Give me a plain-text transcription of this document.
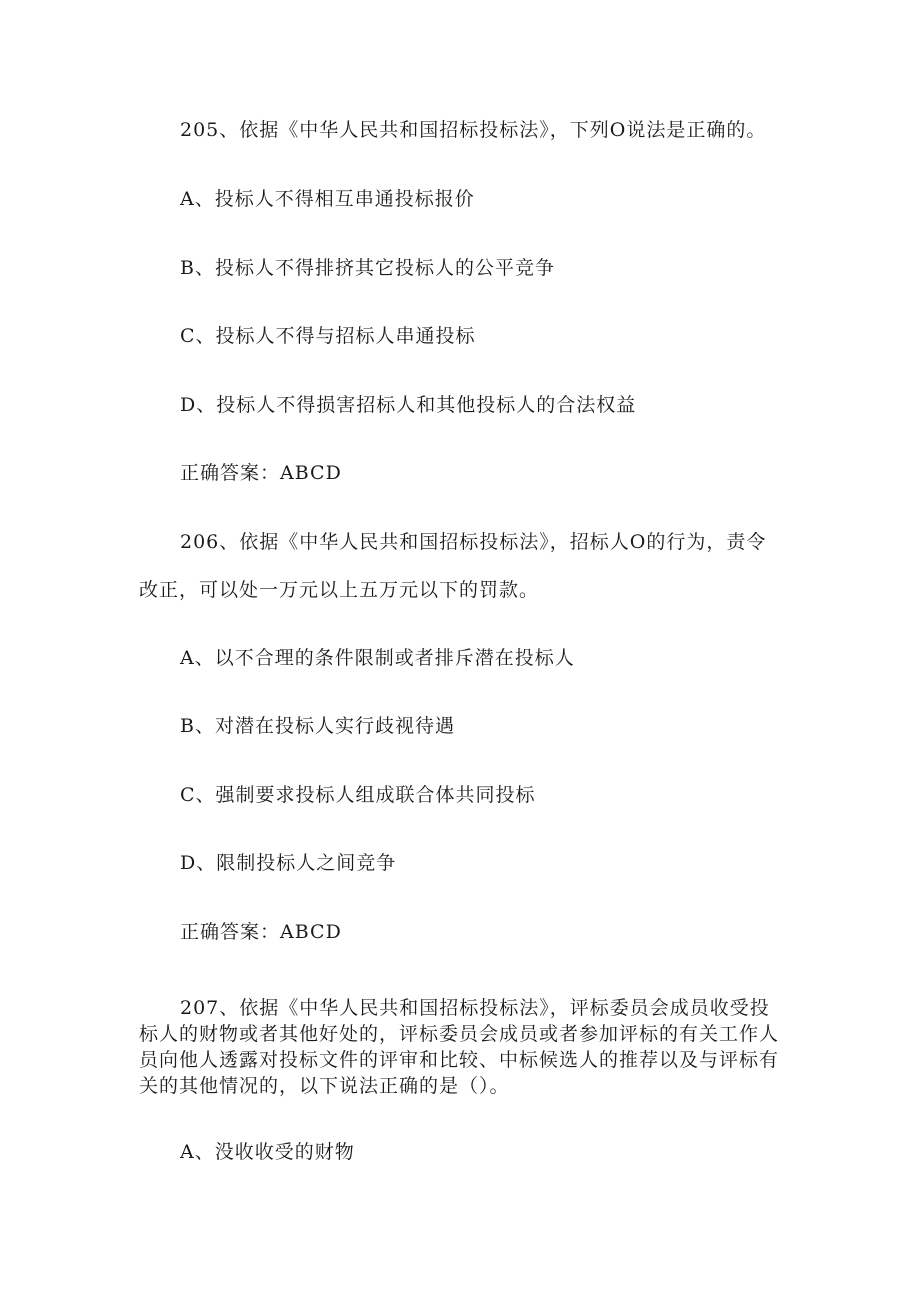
205、依据《中华人民共和国招标投标法》，下列O说法是正确的。
A、投标人不得相互串通投标报价
B、投标人不得排挤其它投标人的公平竞争
C、投标人不得与招标人串通投标
D、投标人不得损害招标人和其他投标人的合法权益
正确答案：ABCD
206、依据《中华人民共和国招标投标法》，招标人O的行为，责令
改正，可以处一万元以上五万元以下的罚款。
A、以不合理的条件限制或者排斥潜在投标人
B、对潜在投标人实行歧视待遇
C、强制要求投标人组成联合体共同投标
D、限制投标人之间竞争
正确答案：ABCD
207、依据《中华人民共和国招标投标法》，评标委员会成员收受投
标人的财物或者其他好处的，评标委员会成员或者参加评标的有关工作人
员向他人透露对投标文件的评审和比较、中标候选人的推荐以及与评标有
关的其他情况的，以下说法正确的是（）。
A、没收收受的财物
